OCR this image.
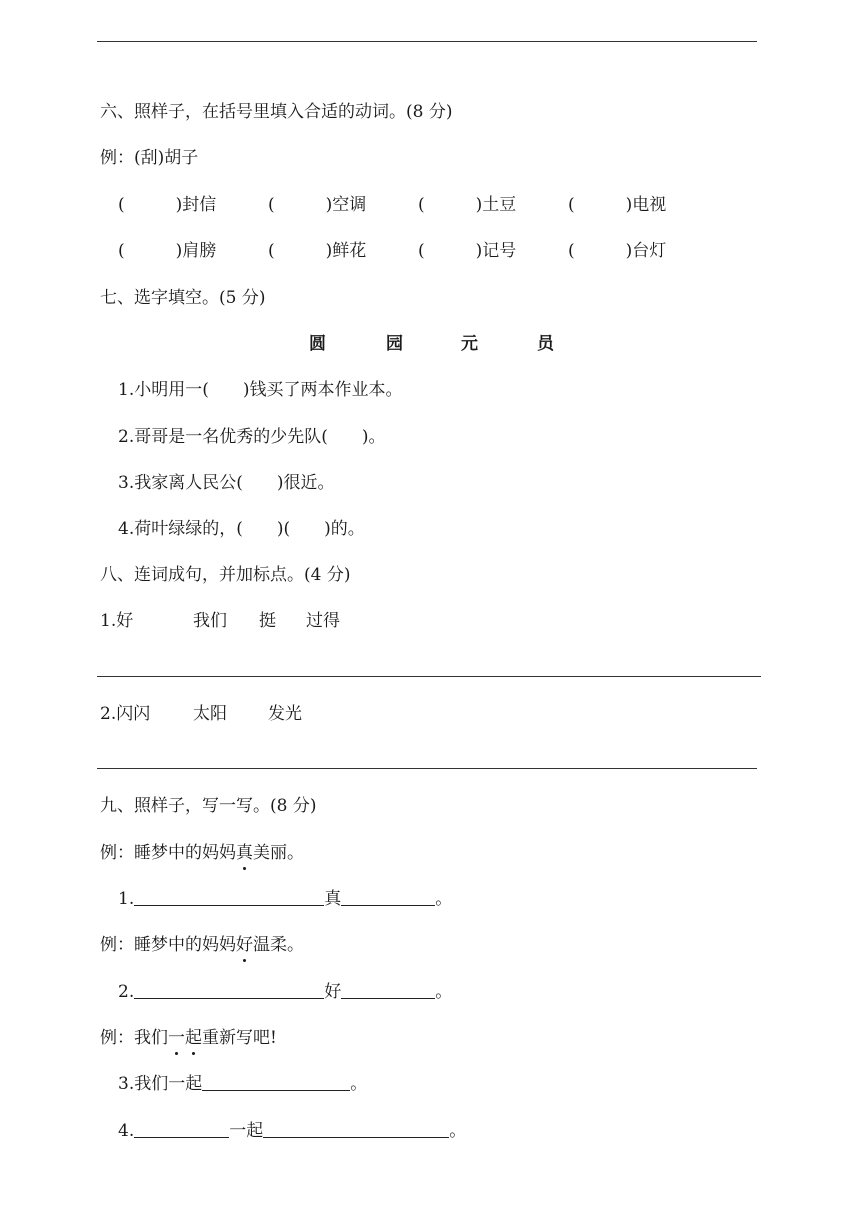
六、照样子，在括号里填入合适的动词。(8 分)
例：(刮)胡子
(　　　)封信	(　　　)空调	(　　　)土豆	(　　　)电视
(　　　)肩膀	(　　　)鲜花	(　　　)记号	(　　　)台灯
七、选字填空。(5 分)
圆	园	元	员
1.小明用一(　　)钱买了两本作业本。
2.哥哥是一名优秀的少先队(　　)。
3.我家离人民公(　　)很近。
4.荷叶绿绿的，(　　)(　　)的。
八、连词成句，并加标点。(4 分)
1.好	我们 挺 过得
2.闪闪	太阳 发光
九、照样子，写一写。(8 分)
例：睡梦中的妈妈真美丽。
1.	真	。
例：睡梦中的妈妈好温柔。
2.	好	。
例：我们一起重新写吧!
3.我们一起	。
4.	一起	。
